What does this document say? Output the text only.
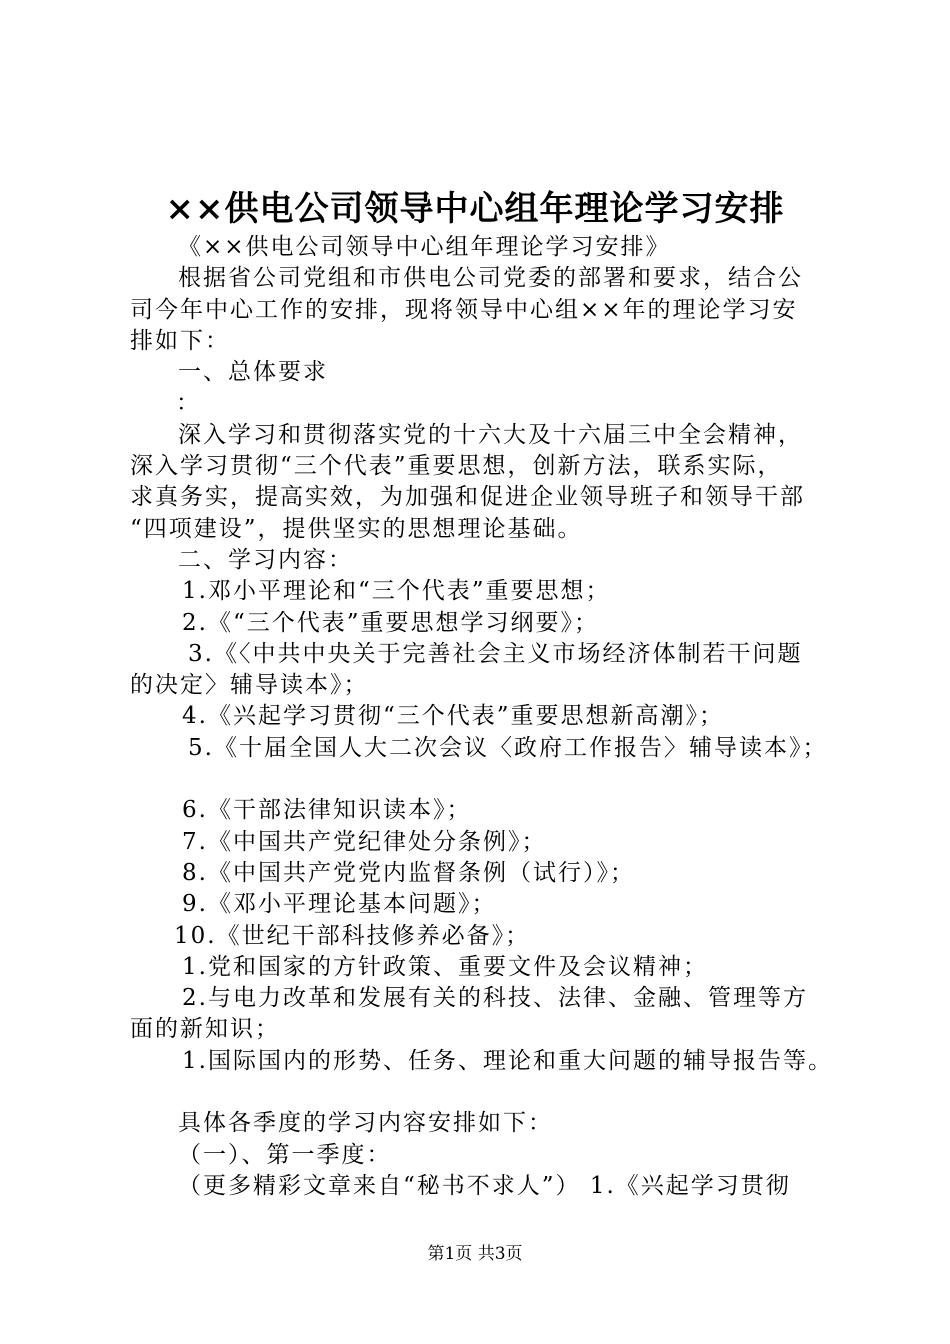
××供电公司领导中心组年理论学习安排
《××供电公司领导中心组年理论学习安排》
根据省公司党组和市供电公司党委的部署和要求，结合公
司今年中心工作的安排，现将领导中心组××年的理论学习安
排如下：
一、总体要求
：
深入学习和贯彻落实党的十六大及十六届三中全会精神，
深入学习贯彻“三个代表”重要思想，创新方法，联系实际，
求真务实，提高实效，为加强和促进企业领导班子和领导干部
“四项建设”，提供坚实的思想理论基础。
二、学习内容：
1.邓小平理论和“三个代表”重要思想；
2.《“三个代表”重要思想学习纲要》；
3.《〈中共中央关于完善社会主义市场经济体制若干问题
的决定〉辅导读本》；
4.《兴起学习贯彻“三个代表”重要思想新高潮》；
5.《十届全国人大二次会议〈政府工作报告〉辅导读本》；
6.《干部法律知识读本》；
7.《中国共产党纪律处分条例》；
8.《中国共产党党内监督条例（试行）》；
9.《邓小平理论基本问题》；
10.《世纪干部科技修养必备》；
1.党和国家的方针政策、重要文件及会议精神；
2.与电力改革和发展有关的科技、法律、金融、管理等方
面的新知识；
1.国际国内的形势、任务、理论和重大问题的辅导报告等。
具体各季度的学习内容安排如下：
（一）、第一季度：
（更多精彩文章来自“秘书不求人”） 1.《兴起学习贯彻
第1页 共3页
